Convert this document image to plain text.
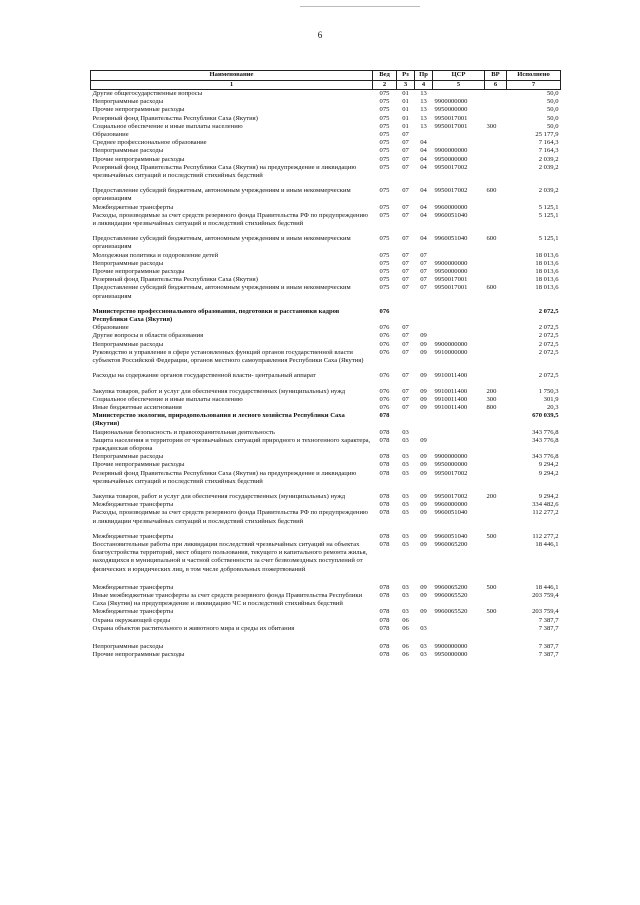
6
Наименование	Вед	Рз	Пр	ЦСР	ВР	Исполнено
1	2	3	4	5	6	7
Другие общегосударственные вопросы	075	01	13			50,0
Непрограммные расходы	075	01	13	9900000000		50,0
Прочие непрограммные расходы	075	01	13	9950000000		50,0
Резервный фонд Правительства Республики Саха (Якутия)	075	01	13	9950017001		50,0
Социальное обеспечение и иные выплаты населению	075	01	13	9950017001	300	50,0
Образование	075	07				25 177,9
Среднее профессиональное образование	075	07	04			7 164,3
Непрограммные расходы	075	07	04	9900000000		7 164,3
Прочие непрограммные расходы	075	07	04	9950000000		2 039,2
Резервный фонд Правительства Республики Саха (Якутия) на предупреждение и ликвидацию чрезвычайных ситуаций и последствий стихийных бедствий	075	07	04	9950017002		2 039,2
Предоставление субсидий бюджетным, автономным учреждениям и иным некоммерческим организациям	075	07	04	9950017002	600	2 039,2
Межбюджетные трансферты	075	07	04	9960000000		5 125,1
Расходы, производимые за счет средств резервного фонда Правительства РФ по предупреждению и ликвидации чрезвычайных ситуаций и последствий стихийных бедствий	075	07	04	9960051040		5 125,1
Предоставление субсидий бюджетным, автономным учреждениям и иным некоммерческим организациям	075	07	04	9960051040	600	5 125,1
Молодежная политика и оздоровление детей	075	07	07			18 013,6
Непрограммные расходы	075	07	07	9900000000		18 013,6
Прочие непрограммные расходы	075	07	07	9950000000		18 013,6
Резервный фонд Правительства Республики Саха (Якутия)	075	07	07	9950017001		18 013,6
Предоставление субсидий бюджетным, автономным учреждениям и иным некоммерческим организациям	075	07	07	9950017001	600	18 013,6
Министерство профессионального образования, подготовки и расстановки кадров Республики Саха (Якутия)	076					2 072,5
Образование	076	07				2 072,5
Другие вопросы в области образования	076	07	09			2 072,5
Непрограммные расходы	076	07	09	9900000000		2 072,5
Руководство и управление в сфере установленных функций органов государственной власти субъектов Российской Федерации, органов местного самоуправления Республики Саха (Якутия)	076	07	09	9910000000		2 072,5
Расходы на содержание органов государственной власти- центральный аппарат	076	07	09	9910011400		2 072,5
Закупка товаров, работ и услуг для обеспечения государственных (муниципальных) нужд	076	07	09	9910011400	200	1 750,3
Социальное обеспечение и иные выплаты населению	076	07	09	9910011400	300	301,9
Иные бюджетные ассигнования	076	07	09	9910011400	800	20,3
Министерство экологии, природопользования и лесного хозяйства Республики Саха (Якутия)	078					670 039,5
Национальная безопасность и правоохранительная деятельность	078	03				343 776,8
Защита населения и территории от чрезвычайных ситуаций природного и техногенного характера, гражданская оборона	078	03	09			343 776,8
Непрограммные расходы	078	03	09	9900000000		343 776,8
Прочие непрограммные расходы	078	03	09	9950000000		9 294,2
Резервный фонд Правительства Республики Саха (Якутия) на предупреждение и ликвидацию чрезвычайных ситуаций и последствий стихийных бедствий	078	03	09	9950017002		9 294,2
Закупка товаров, работ и услуг для обеспечения государственных (муниципальных) нужд	078	03	09	9950017002	200	9 294,2
Межбюджетные трансферты	078	03	09	9960000000		334 482,6
Расходы, производимые за счет средств резервного фонда Правительства РФ по предупреждению и ликвидации чрезвычайных ситуаций и последствий стихийных бедствий	078	03	09	9960051040		112 277,2
Межбюджетные трансферты	078	03	09	9960051040	500	112 277,2
Восстановительные работы при ликвидации последствий чрезвычайных ситуаций на объектах благоустройства территорий, мест общего пользования, текущего и капитального ремонта жилья, находящихся в муниципальной и частной собственности за счет безвозмездных поступлений от физических и юридических лиц, в том числе добровольных пожертвований	078	03	09	9960065200		18 446,1
Межбюджетные трансферты	078	03	09	9960065200	500	18 446,1
Иные межбюджетные трансферты за счет средств резервного фонда Правительства Республики Саха (Якутия) на предупреждение и ликвидацию ЧС и последствий стихийных бедствий	078	03	09	9960065520		203 759,4
Межбюджетные трансферты	078	03	09	9960065520	500	203 759,4
Охрана окружающей среды	078	06				7 387,7
Охрана объектов растительного и животного мира и среды их обитания	078	06	03			7 387,7
Непрограммные расходы	078	06	03	9900000000		7 387,7
Прочие непрограммные расходы	078	06	03	9950000000		7 387,7
